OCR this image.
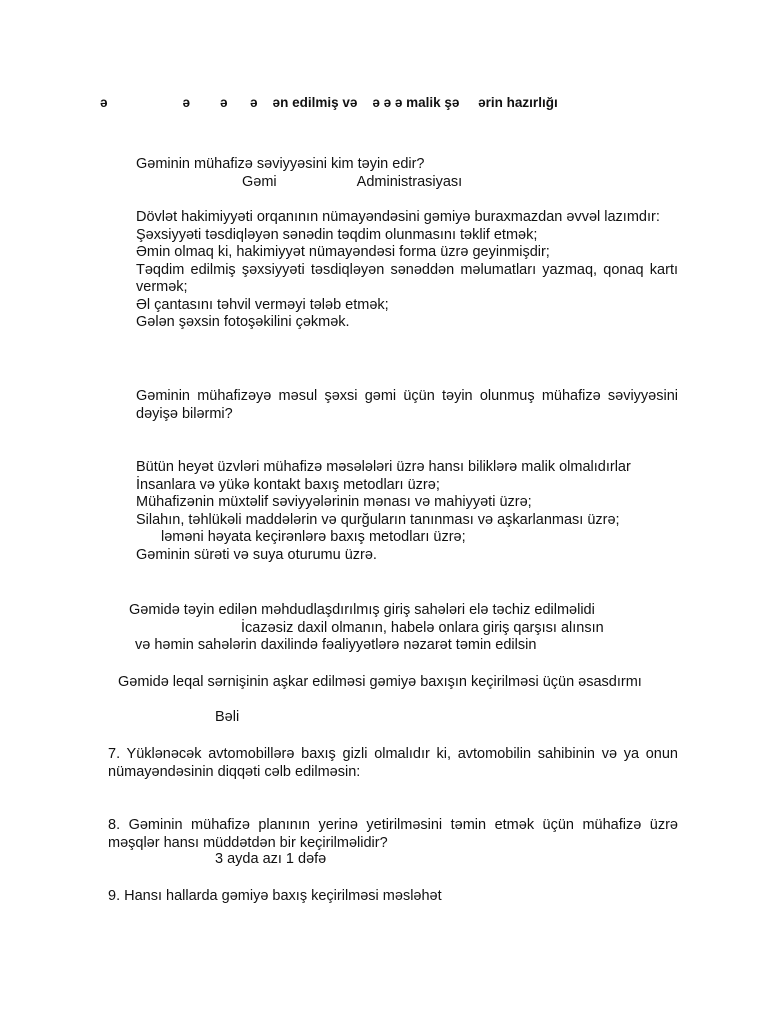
ə                    ə        ə      ə    ən edilmiş və    ə ə ə malik şə     ərin hazırlığı
Gəminin mühafizə səviyyəsini kim təyin edir?
Gəmi	Administrasiyası
Dövlət hakimiyyəti orqanının nümayəndəsini gəmiyə buraxmazdan əvvəl lazımdır:
Şəxsiyyəti təsdiqləyən sənədin təqdim olunmasını təklif etmək;
Əmin olmaq ki, hakimiyyət nümayəndəsi forma üzrə geyinmişdir;
Təqdim edilmiş şəxsiyyəti təsdiqləyən sənəddən məlumatları yazmaq, qonaq kartı vermək;
Əl çantasını təhvil verməyi tələb etmək;
Gələn şəxsin fotoşəkilini çəkmək.
Gəminin mühafizəyə məsul şəxsi gəmi üçün təyin olunmuş mühafizə səviyyəsini dəyişə bilərmi?
Bütün heyət üzvləri mühafizə məsələləri üzrə hansı biliklərə malik olmalıdırlar
İnsanlara və yükə kontakt baxış metodları üzrə;
Mühafizənin müxtəlif səviyyələrinin mənası və mahiyyəti üzrə;
Silahın, təhlükəli maddələrin və qurğuların tanınması və aşkarlanması üzrə;
ləməni həyata keçirənlərə baxış metodları üzrə;
Gəminin sürəti və suya oturumu üzrə.
Gəmidə təyin edilən məhdudlaşdırılmış giriş sahələri elə təchiz edilməlidi
İcazəsiz daxil olmanın, habelə onlara giriş qarşısı alınsın
və həmin sahələrin daxilində fəaliyyətlərə nəzarət təmin edilsin
Gəmidə leqal sərnişinin aşkar edilməsi gəmiyə baxışın keçirilməsi üçün əsasdırmı
Bəli
7. Yüklənəcək avtomobillərə baxış gizli olmalıdır ki, avtomobilin sahibinin və ya onun nümayəndəsinin diqqəti cəlb edilməsin:
8. Gəminin mühafizə planının yerinə yetirilməsini təmin etmək üçün mühafizə üzrə məşqlər hansı müddətdən bir keçirilməlidir?
3 ayda azı 1 dəfə
9. Hansı hallarda gəmiyə baxış keçirilməsi məsləhət
